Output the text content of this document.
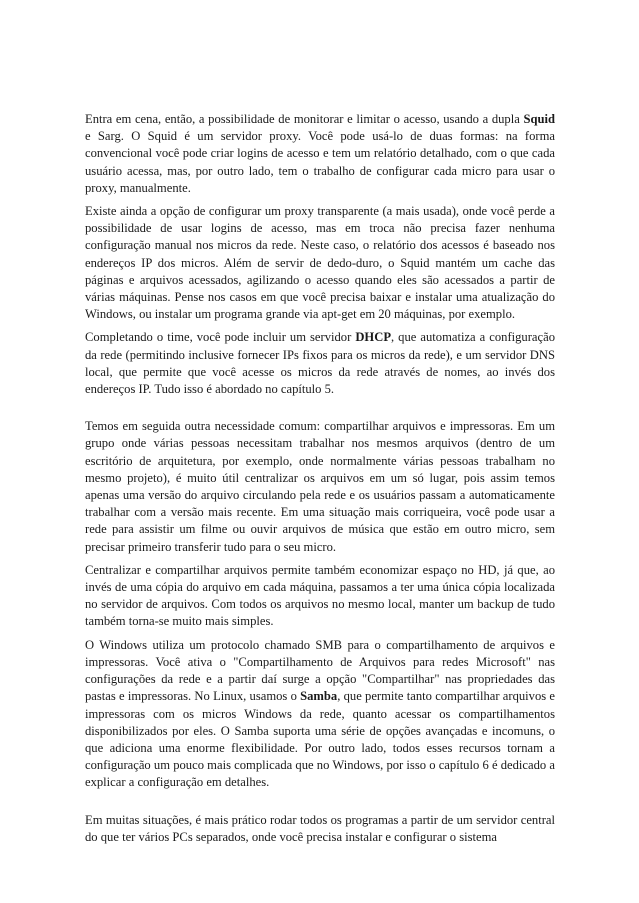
Entra em cena, então, a possibilidade de monitorar e limitar o acesso, usando a dupla Squid e Sarg. O Squid é um servidor proxy. Você pode usá-lo de duas formas: na forma convencional você pode criar logins de acesso e tem um relatório detalhado, com o que cada usuário acessa, mas, por outro lado, tem o trabalho de configurar cada micro para usar o proxy, manualmente.

Existe ainda a opção de configurar um proxy transparente (a mais usada), onde você perde a possibilidade de usar logins de acesso, mas em troca não precisa fazer nenhuma configuração manual nos micros da rede. Neste caso, o relatório dos acessos é baseado nos endereços IP dos micros. Além de servir de dedo-duro, o Squid mantém um cache das páginas e arquivos acessados, agilizando o acesso quando eles são acessados a partir de várias máquinas. Pense nos casos em que você precisa baixar e instalar uma atualização do Windows, ou instalar um programa grande via apt-get em 20 máquinas, por exemplo.

Completando o time, você pode incluir um servidor DHCP, que automatiza a configuração da rede (permitindo inclusive fornecer IPs fixos para os micros da rede), e um servidor DNS local, que permite que você acesse os micros da rede através de nomes, ao invés dos endereços IP. Tudo isso é abordado no capítulo 5.

Temos em seguida outra necessidade comum: compartilhar arquivos e impressoras. Em um grupo onde várias pessoas necessitam trabalhar nos mesmos arquivos (dentro de um escritório de arquitetura, por exemplo, onde normalmente várias pessoas trabalham no mesmo projeto), é muito útil centralizar os arquivos em um só lugar, pois assim temos apenas uma versão do arquivo circulando pela rede e os usuários passam a automaticamente trabalhar com a versão mais recente. Em uma situação mais corriqueira, você pode usar a rede para assistir um filme ou ouvir arquivos de música que estão em outro micro, sem precisar primeiro transferir tudo para o seu micro.

Centralizar e compartilhar arquivos permite também economizar espaço no HD, já que, ao invés de uma cópia do arquivo em cada máquina, passamos a ter uma única cópia localizada no servidor de arquivos. Com todos os arquivos no mesmo local, manter um backup de tudo também torna-se muito mais simples.

O Windows utiliza um protocolo chamado SMB para o compartilhamento de arquivos e impressoras. Você ativa o "Compartilhamento de Arquivos para redes Microsoft" nas configurações da rede e a partir daí surge a opção "Compartilhar" nas propriedades das pastas e impressoras. No Linux, usamos o Samba, que permite tanto compartilhar arquivos e impressoras com os micros Windows da rede, quanto acessar os compartilhamentos disponibilizados por eles. O Samba suporta uma série de opções avançadas e incomuns, o que adiciona uma enorme flexibilidade. Por outro lado, todos esses recursos tornam a configuração um pouco mais complicada que no Windows, por isso o capítulo 6 é dedicado a explicar a configuração em detalhes.

Em muitas situações, é mais prático rodar todos os programas a partir de um servidor central do que ter vários PCs separados, onde você precisa instalar e configurar o sistema
